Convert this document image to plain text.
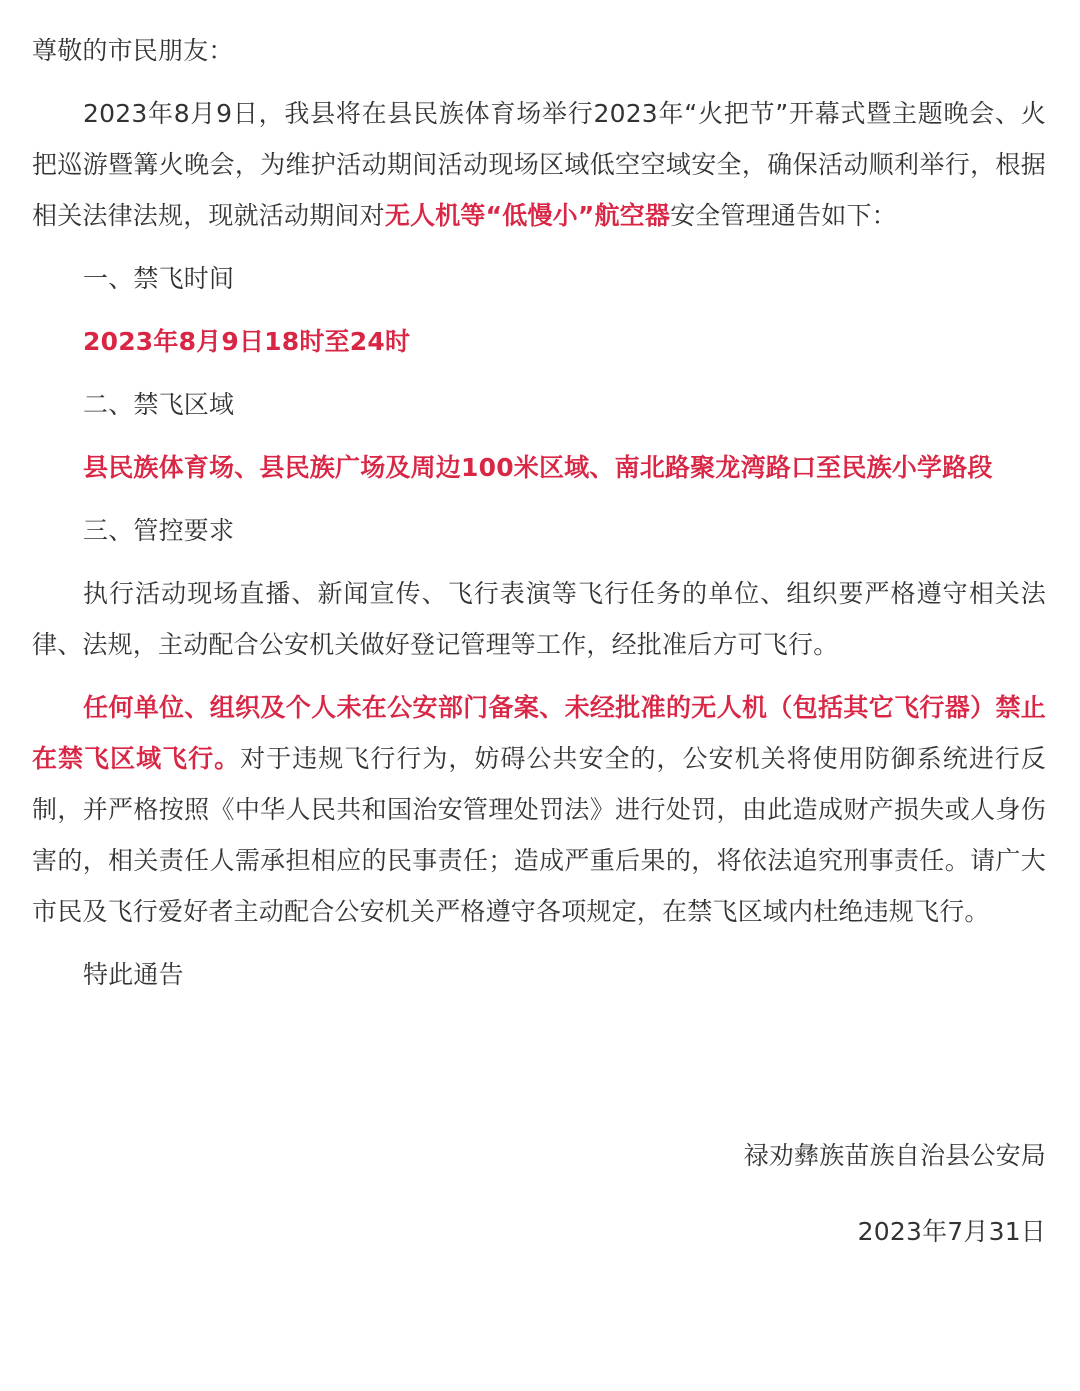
尊敬的市民朋友：

2023年8月9日，我县将在县民族体育场举行2023年“火把节”开幕式暨主题晚会、火把巡游暨篝火晚会，为维护活动期间活动现场区域低空空域安全，确保活动顺利举行，根据相关法律法规，现就活动期间对无人机等“低慢小”航空器安全管理通告如下：

一、禁飞时间

2023年8月9日18时至24时

二、禁飞区域

县民族体育场、县民族广场及周边100米区域、南北路聚龙湾路口至民族小学路段

三、管控要求

执行活动现场直播、新闻宣传、飞行表演等飞行任务的单位、组织要严格遵守相关法律、法规，主动配合公安机关做好登记管理等工作，经批准后方可飞行。

任何单位、组织及个人未在公安部门备案、未经批准的无人机（包括其它飞行器）禁止在禁飞区域飞行。对于违规飞行行为，妨碍公共安全的，公安机关将使用防御系统进行反制，并严格按照《中华人民共和国治安管理处罚法》进行处罚，由此造成财产损失或人身伤害的，相关责任人需承担相应的民事责任；造成严重后果的，将依法追究刑事责任。请广大市民及飞行爱好者主动配合公安机关严格遵守各项规定，在禁飞区域内杜绝违规飞行。

特此通告

禄劝彝族苗族自治县公安局

2023年7月31日
